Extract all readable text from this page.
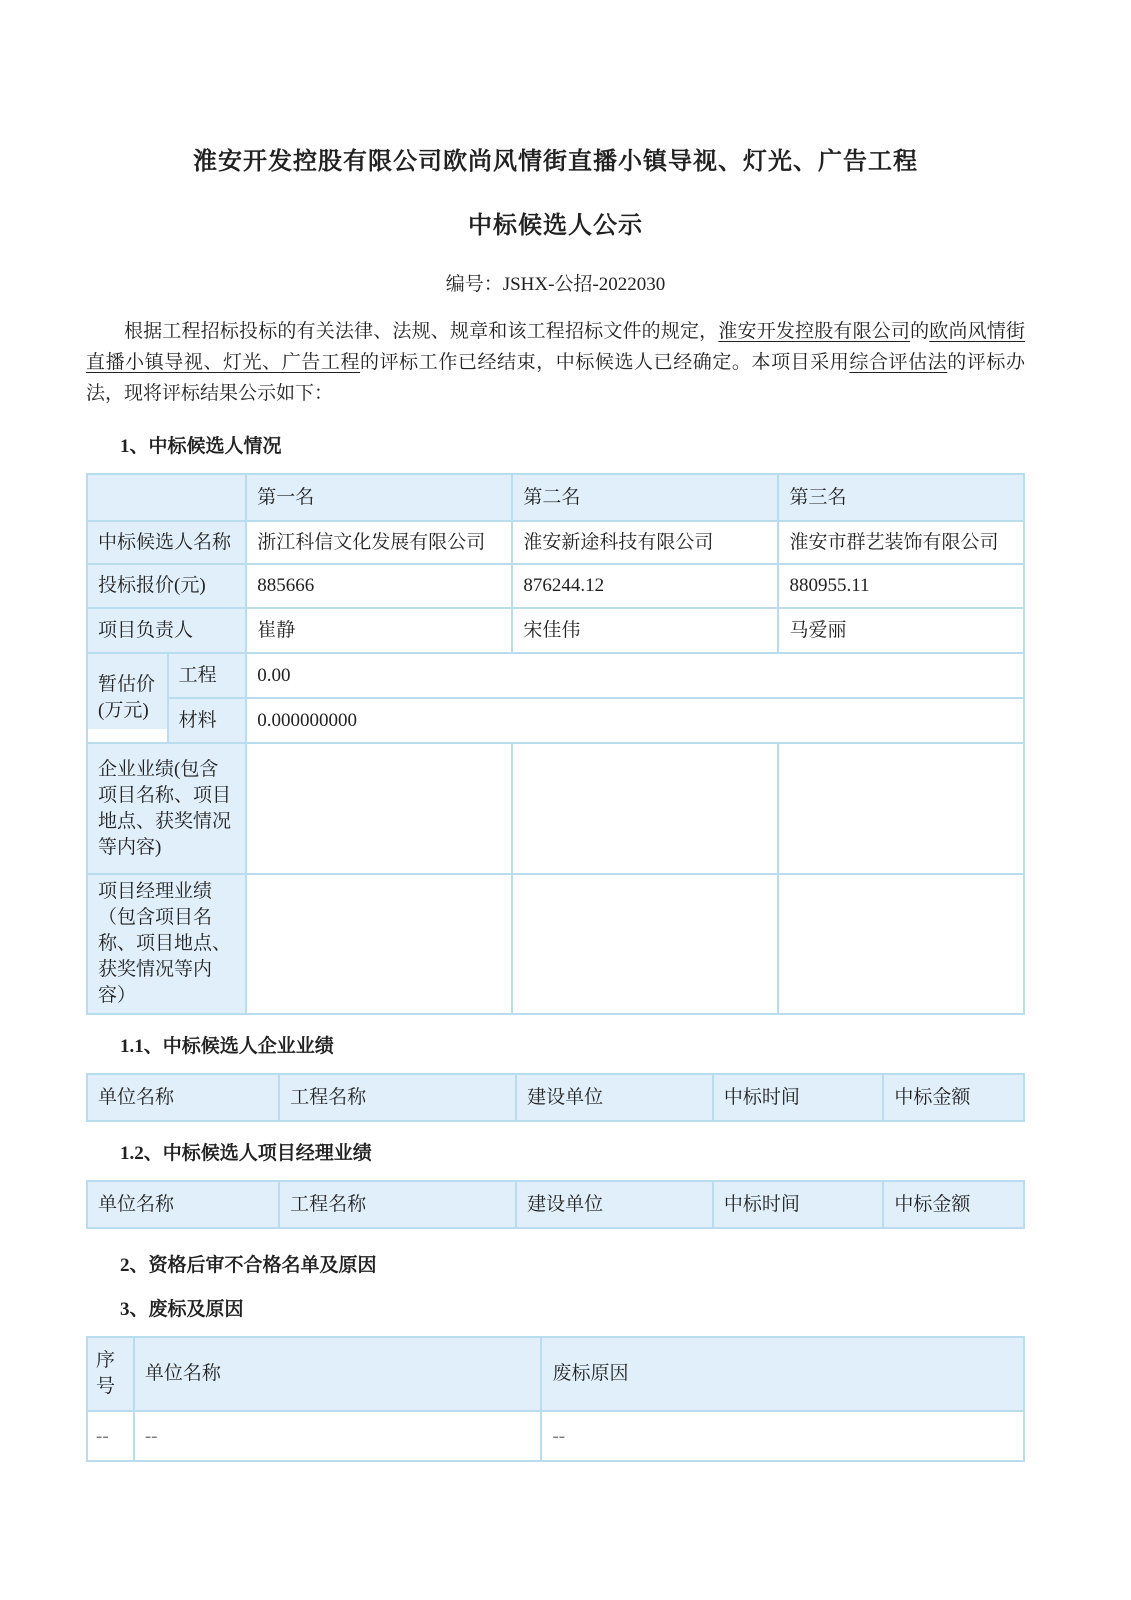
淮安开发控股有限公司欧尚风情街直播小镇导视、灯光、广告工程
中标候选人公示
编号：JSHX-公招-2022030

根据工程招标投标的有关法律、法规、规章和该工程招标文件的规定，淮安开发控股有限公司的欧尚风情街直播小镇导视、灯光、广告工程的评标工作已经结束，中标候选人已经确定。本项目采用综合评估法的评标办法，现将评标结果公示如下：

1、中标候选人情况
		第一名	第二名	第三名
中标候选人名称		浙江科信文化发展有限公司	淮安新途科技有限公司	淮安市群艺装饰有限公司
投标报价(元)		885666	876244.12	880955.11
项目负责人		崔静	宋佳伟	马爱丽
暂估价 (万元)	工程	0.00		
	材料	0.000000000		
企业业绩(包含项目名称、项目地点、获奖情况等内容)				
项目经理业绩（包含项目名称、项目地点、获奖情况等内容）				
1.1、中标候选人企业业绩
单位名称	工程名称	建设单位	中标时间	中标金额
1.2、中标候选人项目经理业绩
单位名称	工程名称	建设单位	中标时间	中标金额
2、资格后审不合格名单及原因
3、废标及原因
序号	单位名称	废标原因
--	--	--
